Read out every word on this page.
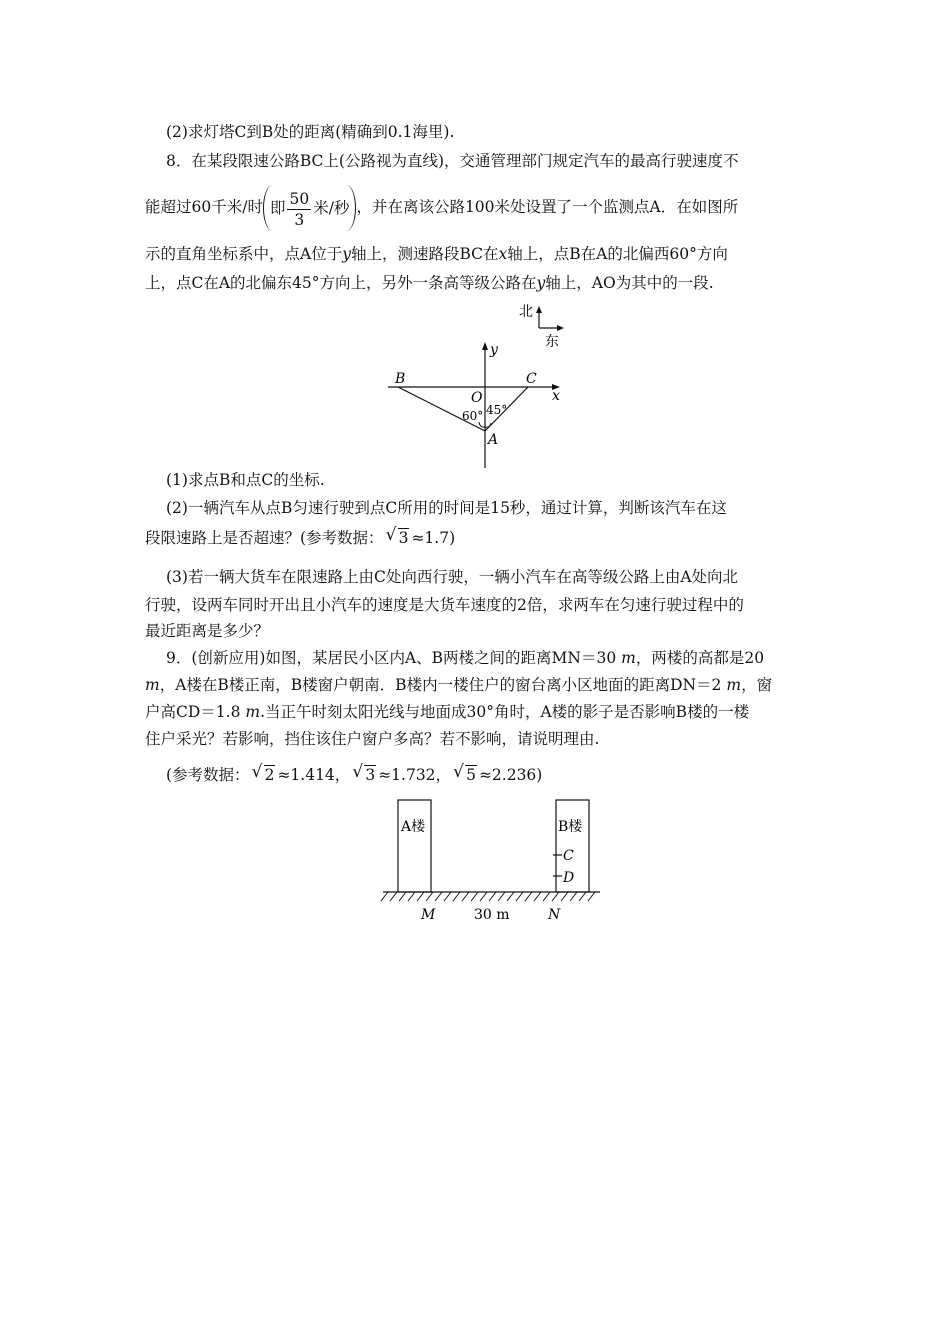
(2)求灯塔C到B处的距离(精确到0.1海里).
8．在某段限速公路BC上(公路视为直线)，交通管理部门规定汽车的最高行驶速度不
能超过60千米/时 即 $\frac{50}{3}$ 米/秒 ，并在离该公路100米处设置了一个监测点A．在如图所
示的直角坐标系中，点A位于y轴上，测速路段BC在x轴上，点B在A的北偏西60°方向
上，点C在A的北偏东45°方向上，另外一条高等级公路在y轴上，AO为其中的一段.
北
东
y
x
B	C
O
A
60° 45°
(1)求点B和点C的坐标.
(2)一辆汽车从点B匀速行驶到点C所用的时间是15秒，通过计算，判断该汽车在这
段限速路上是否超速？(参考数据： √ 3 ≈1.7)
(3)若一辆大货车在限速路上由C处向西行驶，一辆小汽车在高等级公路上由A处向北
行驶，设两车同时开出且小汽车的速度是大货车速度的2倍，求两车在匀速行驶过程中的
最近距离是多少？
9．(创新应用)如图，某居民小区内A、B两楼之间的距离MN＝30 m，两楼的高都是20
m，A楼在B楼正南，B楼窗户朝南．B楼内一楼住户的窗台离小区地面的距离DN＝2 m，窗
户高CD＝1.8 m.当正午时刻太阳光线与地面成30°角时，A楼的影子是否影响B楼的一楼
住户采光？若影响，挡住该住户窗户多高？若不影响，请说明理由.
(参考数据： √ 2 ≈1.414， √ 3 ≈1.732， √ 5 ≈2.236)
A楼	B楼
C
D
M	30 m	N
